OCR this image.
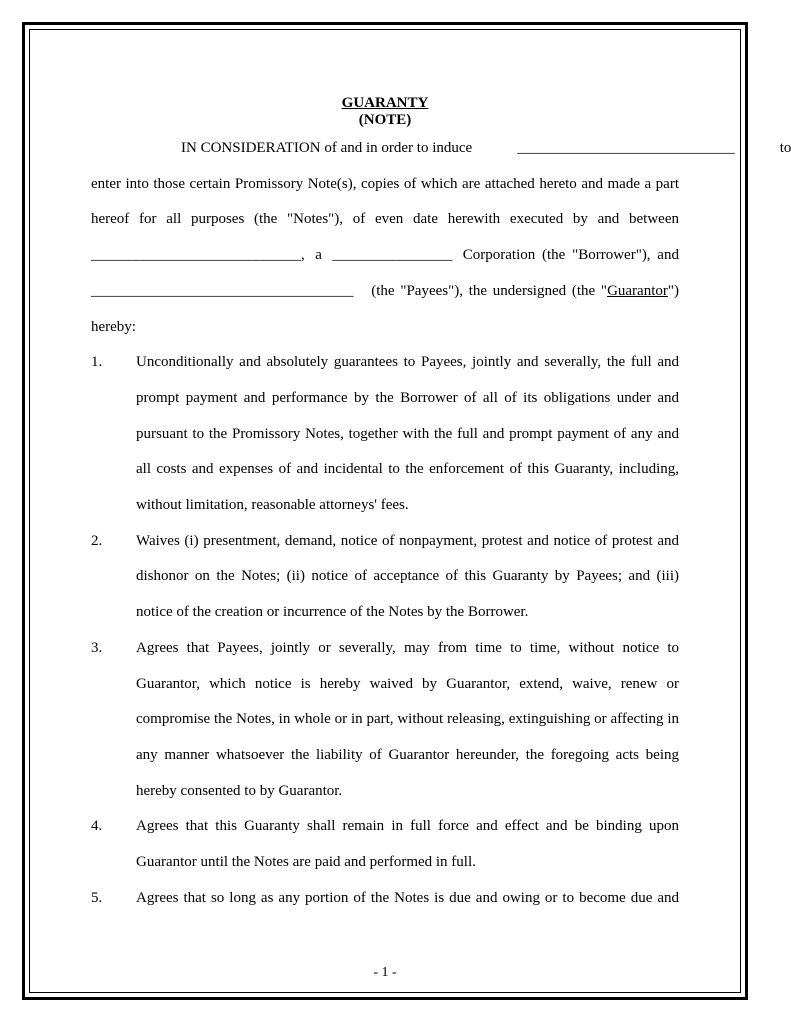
GUARANTY
(NOTE)
IN CONSIDERATION of and in order to induce	_____________________________	to
enter into those certain Promissory Note(s), copies of which are attached hereto and made a part
hereof for all purposes (the "Notes"), of even date herewith executed by and between
____________________________, a ________________ Corporation (the "Borrower"), and
___________________________________ (the "Payees"), the undersigned (the "Guarantor")
hereby:
1.	Unconditionally and absolutely guarantees to Payees, jointly and severally, the full and prompt payment and performance by the Borrower of all of its obligations under and pursuant to the Promissory Notes, together with the full and prompt payment of any and all costs and expenses of and incidental to the enforcement of this Guaranty, including, without limitation, reasonable attorneys' fees.
2.	Waives (i) presentment, demand, notice of nonpayment, protest and notice of protest and dishonor on the Notes; (ii) notice of acceptance of this Guaranty by Payees; and (iii) notice of the creation or incurrence of the Notes by the Borrower.
3.	Agrees that Payees, jointly or severally, may from time to time, without notice to Guarantor, which notice is hereby waived by Guarantor, extend, waive, renew or compromise the Notes, in whole or in part, without releasing, extinguishing or affecting in any manner whatsoever the liability of Guarantor hereunder, the foregoing acts being hereby consented to by Guarantor.
4.	Agrees that this Guaranty shall remain in full force and effect and be binding upon Guarantor until the Notes are paid and performed in full.
5.	Agrees that so long as any portion of the Notes is due and owing or to become due and
- 1 -
